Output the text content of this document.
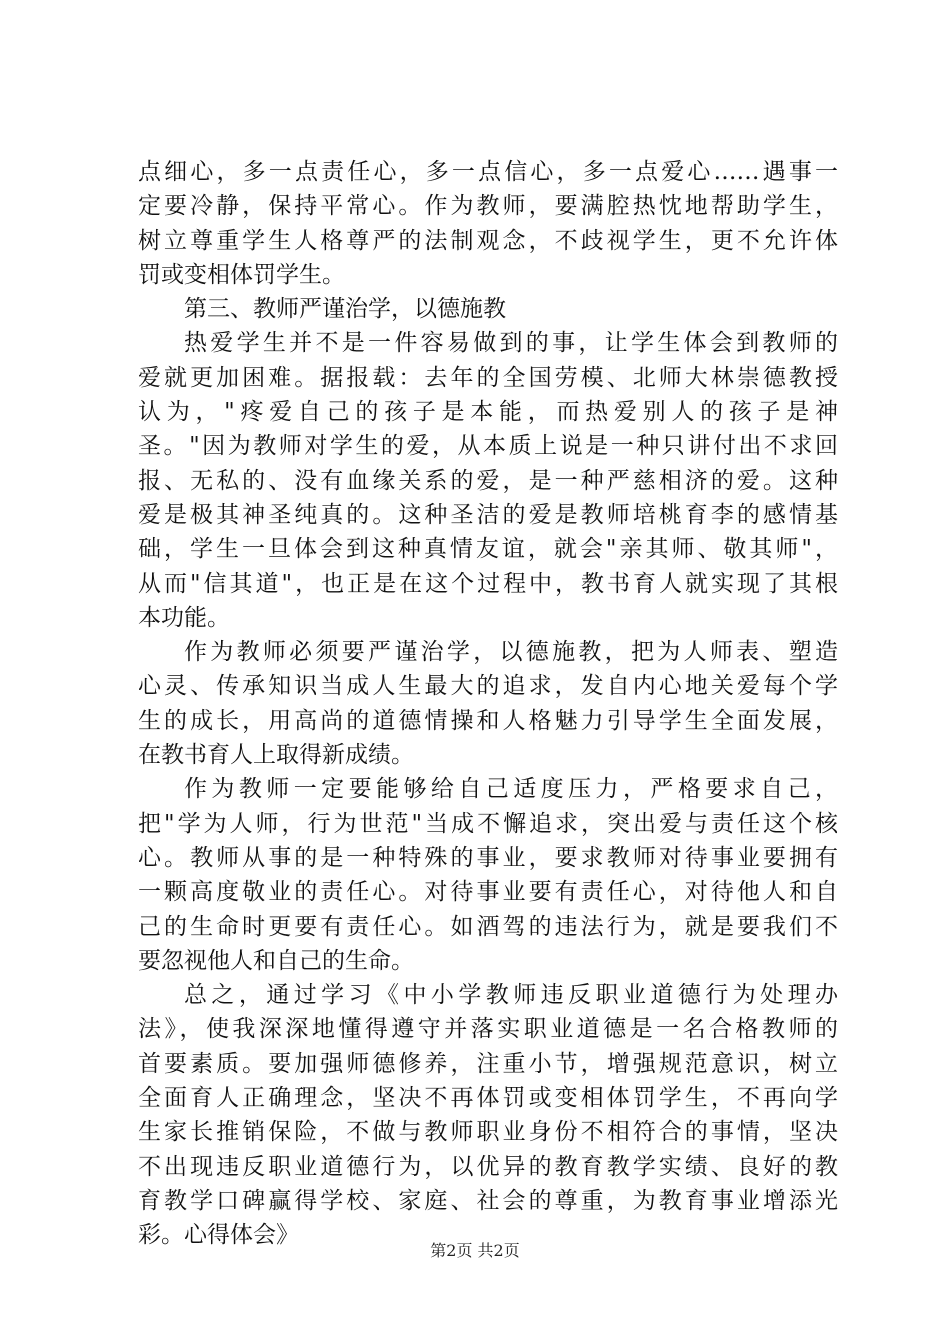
点细心，多一点责任心，多一点信心，多一点爱心……遇事一
定要冷静，保持平常心。作为教师，要满腔热忱地帮助学生，
树立尊重学生人格尊严的法制观念，不歧视学生，更不允许体
罚或变相体罚学生。
第三、教师严谨治学，以德施教
热爱学生并不是一件容易做到的事，让学生体会到教师的
爱就更加困难。据报载：去年的全国劳模、北师大林崇德教授
认为，"疼爱自己的孩子是本能，而热爱别人的孩子是神
圣。"因为教师对学生的爱，从本质上说是一种只讲付出不求回
报、无私的、没有血缘关系的爱，是一种严慈相济的爱。这种
爱是极其神圣纯真的。这种圣洁的爱是教师培桃育李的感情基
础，学生一旦体会到这种真情友谊，就会"亲其师、敬其师"，
从而"信其道"，也正是在这个过程中，教书育人就实现了其根
本功能。
作为教师必须要严谨治学，以德施教，把为人师表、塑造
心灵、传承知识当成人生最大的追求，发自内心地关爱每个学
生的成长，用高尚的道德情操和人格魅力引导学生全面发展，
在教书育人上取得新成绩。
作为教师一定要能够给自己适度压力，严格要求自己，
把"学为人师，行为世范"当成不懈追求，突出爱与责任这个核
心。教师从事的是一种特殊的事业，要求教师对待事业要拥有
一颗高度敬业的责任心。对待事业要有责任心，对待他人和自
己的生命时更要有责任心。如酒驾的违法行为，就是要我们不
要忽视他人和自己的生命。
总之，通过学习《中小学教师违反职业道德行为处理办
法》，使我深深地懂得遵守并落实职业道德是一名合格教师的
首要素质。要加强师德修养，注重小节，增强规范意识，树立
全面育人正确理念，坚决不再体罚或变相体罚学生，不再向学
生家长推销保险，不做与教师职业身份不相符合的事情，坚决
不出现违反职业道德行为，以优异的教育教学实绩、良好的教
育教学口碑赢得学校、家庭、社会的尊重，为教育事业增添光
彩。心得体会》
第2页 共2页
